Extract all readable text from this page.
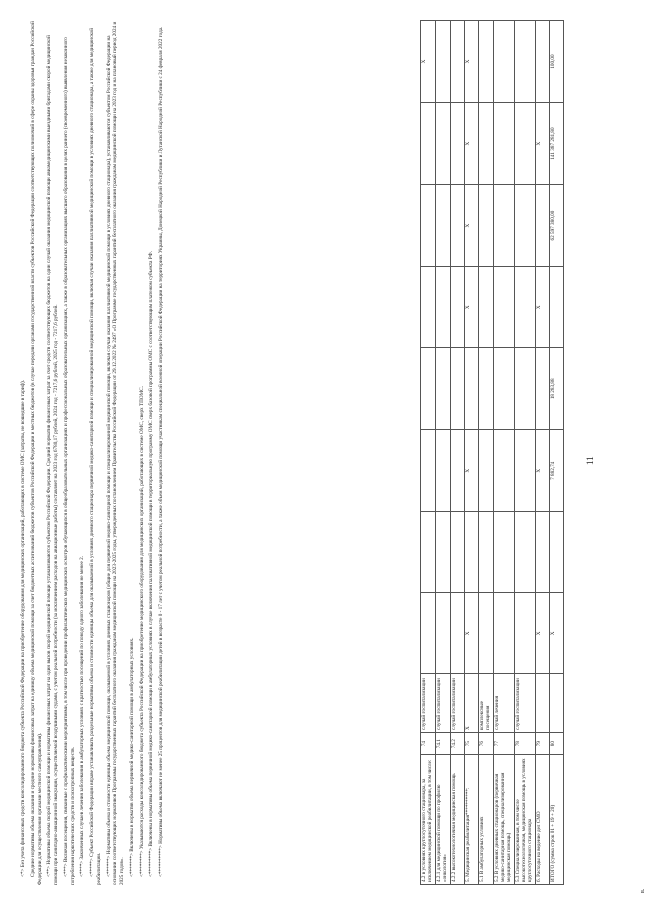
11
в.

<*> Без учета финансовых средств консолидированного бюджета субъекта Российской Федерации на приобретение оборудования для медицинских организаций, работающих в системе ОМС (затраты, не вошедшие в тариф). Средние нормативы объема оказания и средние нормативы финансовых затрат на единицу объема медицинской помощи за счет бюджетных ассигнований бюджетов субъектов Российской Федерации и местных бюджетов (в случае передачи органами государственной власти субъектов Российской Федерации соответствующих полномочий в сфере охраны здоровья граждан Российской Федерации для осуществления органами местного самоуправления). <**> Нормативы объема скорой медицинской помощи и нормативы финансовых затрат на один вызов скорой медицинской помощи устанавливаются субъектом Российской Федерации. Средний норматив финансовых затрат за счет средств соответствующих бюджетов на один случай оказания медицинской помощи авиамедицинскими выездными бригадами скорой медицинской помощи при санитарно-авиационной эвакуации, осуществляемой воздушными судами, с учетом реальной потребности (за исключением расходов на авиационные работы) составляет на 2023 год 6780,17 рублей, 2024 год - 7217,6 рублей, 2025 год - 7217,6 рублей. <***> Включая посещения, связанные с профилактическими мероприятиями, в том числе при проведении профилактических медицинских осмотров обучающихся в общеобразовательных организациях и профессиональных образовательных организациях, а также в образовательных организациях высшего образования в целях раннего (своевременного) выявления незаконного потребления наркотических средств и психотропных веществ. <****> Законченных случаев лечения заболевания в амбулаторных условиях с кратностью посещений по поводу одного заболевания не менее 2. <*****> Субъект Российской Федерации вправе устанавливать раздельные нормативы объема и стоимости единицы объема для оказываемой в условиях дневного стационара первичной медико-санитарной помощи и специализированной медицинской помощи, включая случаи оказания паллиативной медицинской помощи в условиях дневного стационара, а также для медицинской реабилитации. <******> Нормативы объема и стоимости единицы объема медицинской помощи, оказываемой в условиях дневных стационаров (общие для первичной медико-санитарной помощи и специализированной медицинской помощи, включая случаи оказания паллиативной медицинской помощи в условиях дневного стационара), устанавливаются субъектом Российской Федерации на основании соответствующих нормативов Программы государственных гарантий бесплатного оказания гражданам медицинской помощи на 2023-2025 годы, утвержденных постановлением Правительства Российской Федерации от 29.12.2022 № 2497 «О Программе государственных гарантий бесплатного оказания гражданам медицинской помощи на 2023 год и на плановый период 2024 и 2025 годов». <*******> Включены в норматив объема первичной медико-санитарной помощи в амбулаторных условиях. <********> Указываются расходы консолидированного бюджета субъекта Российской Федерации на приобретение медицинского оборудования для медицинских организаций, работающих в системе ОМС, сверх ТПОМС. <*********> Включены в нормативы объема первичной медико-санитарной помощи в амбулаторных условиях в случае включения паллиативной медицинской помощи в территориальную программу ОМС сверх базовой программы ОМС с соответствующим платежом субъекта РФ. <**********> Нормативы объема включают не менее 25 процентов для медицинской реабилитации детей в возрасте 0 - 17 лет с учетом реальной потребности, а также объем медицинской помощи участникам специальной военной операции Российской Федерации на территориях Украины, Донецкой Народной Республики и Луганской Народной Республики с 24 февраля 2022 года.	4.2 в условиях круглосуточного стационара, за исключением медицинской реабилитации, в том числе:	74	случай госпитализации								X
4.2.1 для медицинской помощи по профилю «онкология»	74.1	случай госпитализации								
4.2.2 высокотехнологичная медицинская помощь	74.2	случай госпитализации								
5. Медицинская реабилитация**********:	75	X	X		X		X	X	X	X
5.1 В амбулаторных условиях	76	комплексные посещения								
5.2 В условиях дневных стационаров (первичная медико-санитарная помощь, специализированная медицинская помощь)	77	случай лечения								
5.3 Специализированная, в том числе высокотехнологичная, медицинская помощь в условиях круглосуточного стационара	78	случай госпитализации								
6. Расходы на ведение дел СМО	79		X		X		X		X	
ИТОГО (сумма строк 01 + 19 + 20)	80		X		7 882,74	18 283,88		62 597 380,00	141 387 281,80	100,00
